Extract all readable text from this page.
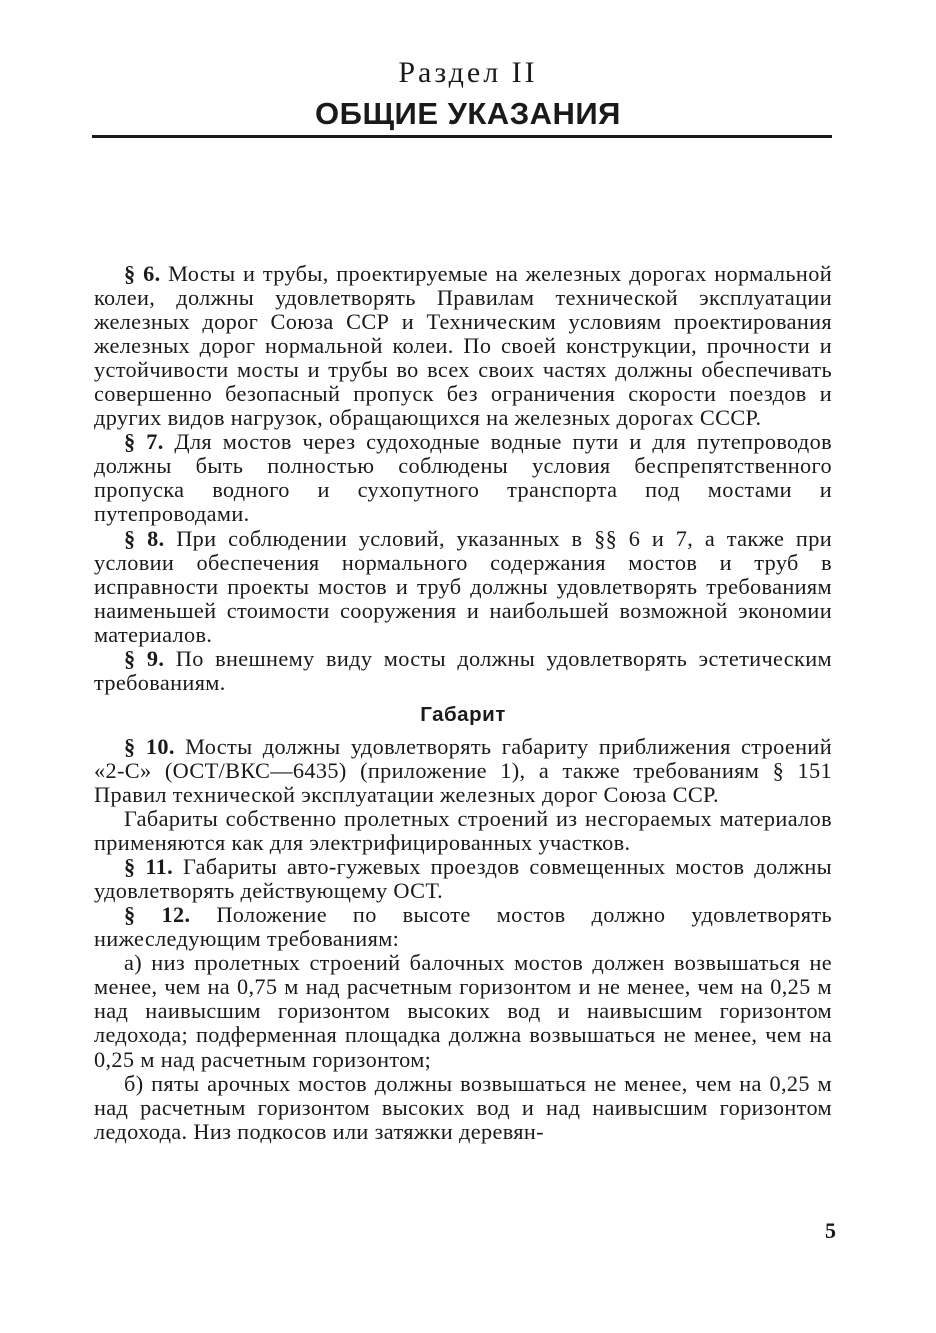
Раздел II
ОБЩИЕ УКАЗАНИЯ

§ 6. Мосты и трубы, проектируемые на железных дорогах нормальной колеи, должны удовлетворять Правилам технической эксплуатации железных дорог Союза ССР и Техническим условиям проектирования железных дорог нормальной колеи. По своей конструкции, прочности и устойчивости мосты и трубы во всех своих частях должны обеспечивать совершенно безопасный пропуск без ограничения скорости поездов и других видов нагрузок, обращающихся на железных дорогах СССР.

§ 7. Для мостов через судоходные водные пути и для путепроводов должны быть полностью соблюдены условия беспрепятственного пропуска водного и сухопутного транспорта под мостами и путепроводами.

§ 8. При соблюдении условий, указанных в §§ 6 и 7, а также при условии обеспечения нормального содержания мостов и труб в исправности проекты мостов и труб должны удовлетворять требованиям наименьшей стоимости сооружения и наибольшей возможной экономии материалов.

§ 9. По внешнему виду мосты должны удовлетворять эстетическим требованиям.

Габарит

§ 10. Мосты должны удовлетворять габариту приближения строений «2-С» (ОСТ/ВКС—6435) (приложение 1), а также требованиям § 151 Правил технической эксплуатации железных дорог Союза ССР.

Габариты собственно пролетных строений из несгораемых материалов применяются как для электрифицированных участков.

§ 11. Габариты авто-гужевых проездов совмещенных мостов должны удовлетворять действующему ОСТ.

§ 12. Положение по высоте мостов должно удовлетворять нижеследующим требованиям:

а) низ пролетных строений балочных мостов должен возвышаться не менее, чем на 0,75 м над расчетным горизонтом и не менее, чем на 0,25 м над наивысшим горизонтом высоких вод и наивысшим горизонтом ледохода; подферменная площадка должна возвышаться не менее, чем на 0,25 м над расчетным горизонтом;

б) пяты арочных мостов должны возвышаться не менее, чем на 0,25 м над расчетным горизонтом высоких вод и над наивысшим горизонтом ледохода. Низ подкосов или затяжки деревян-

5
